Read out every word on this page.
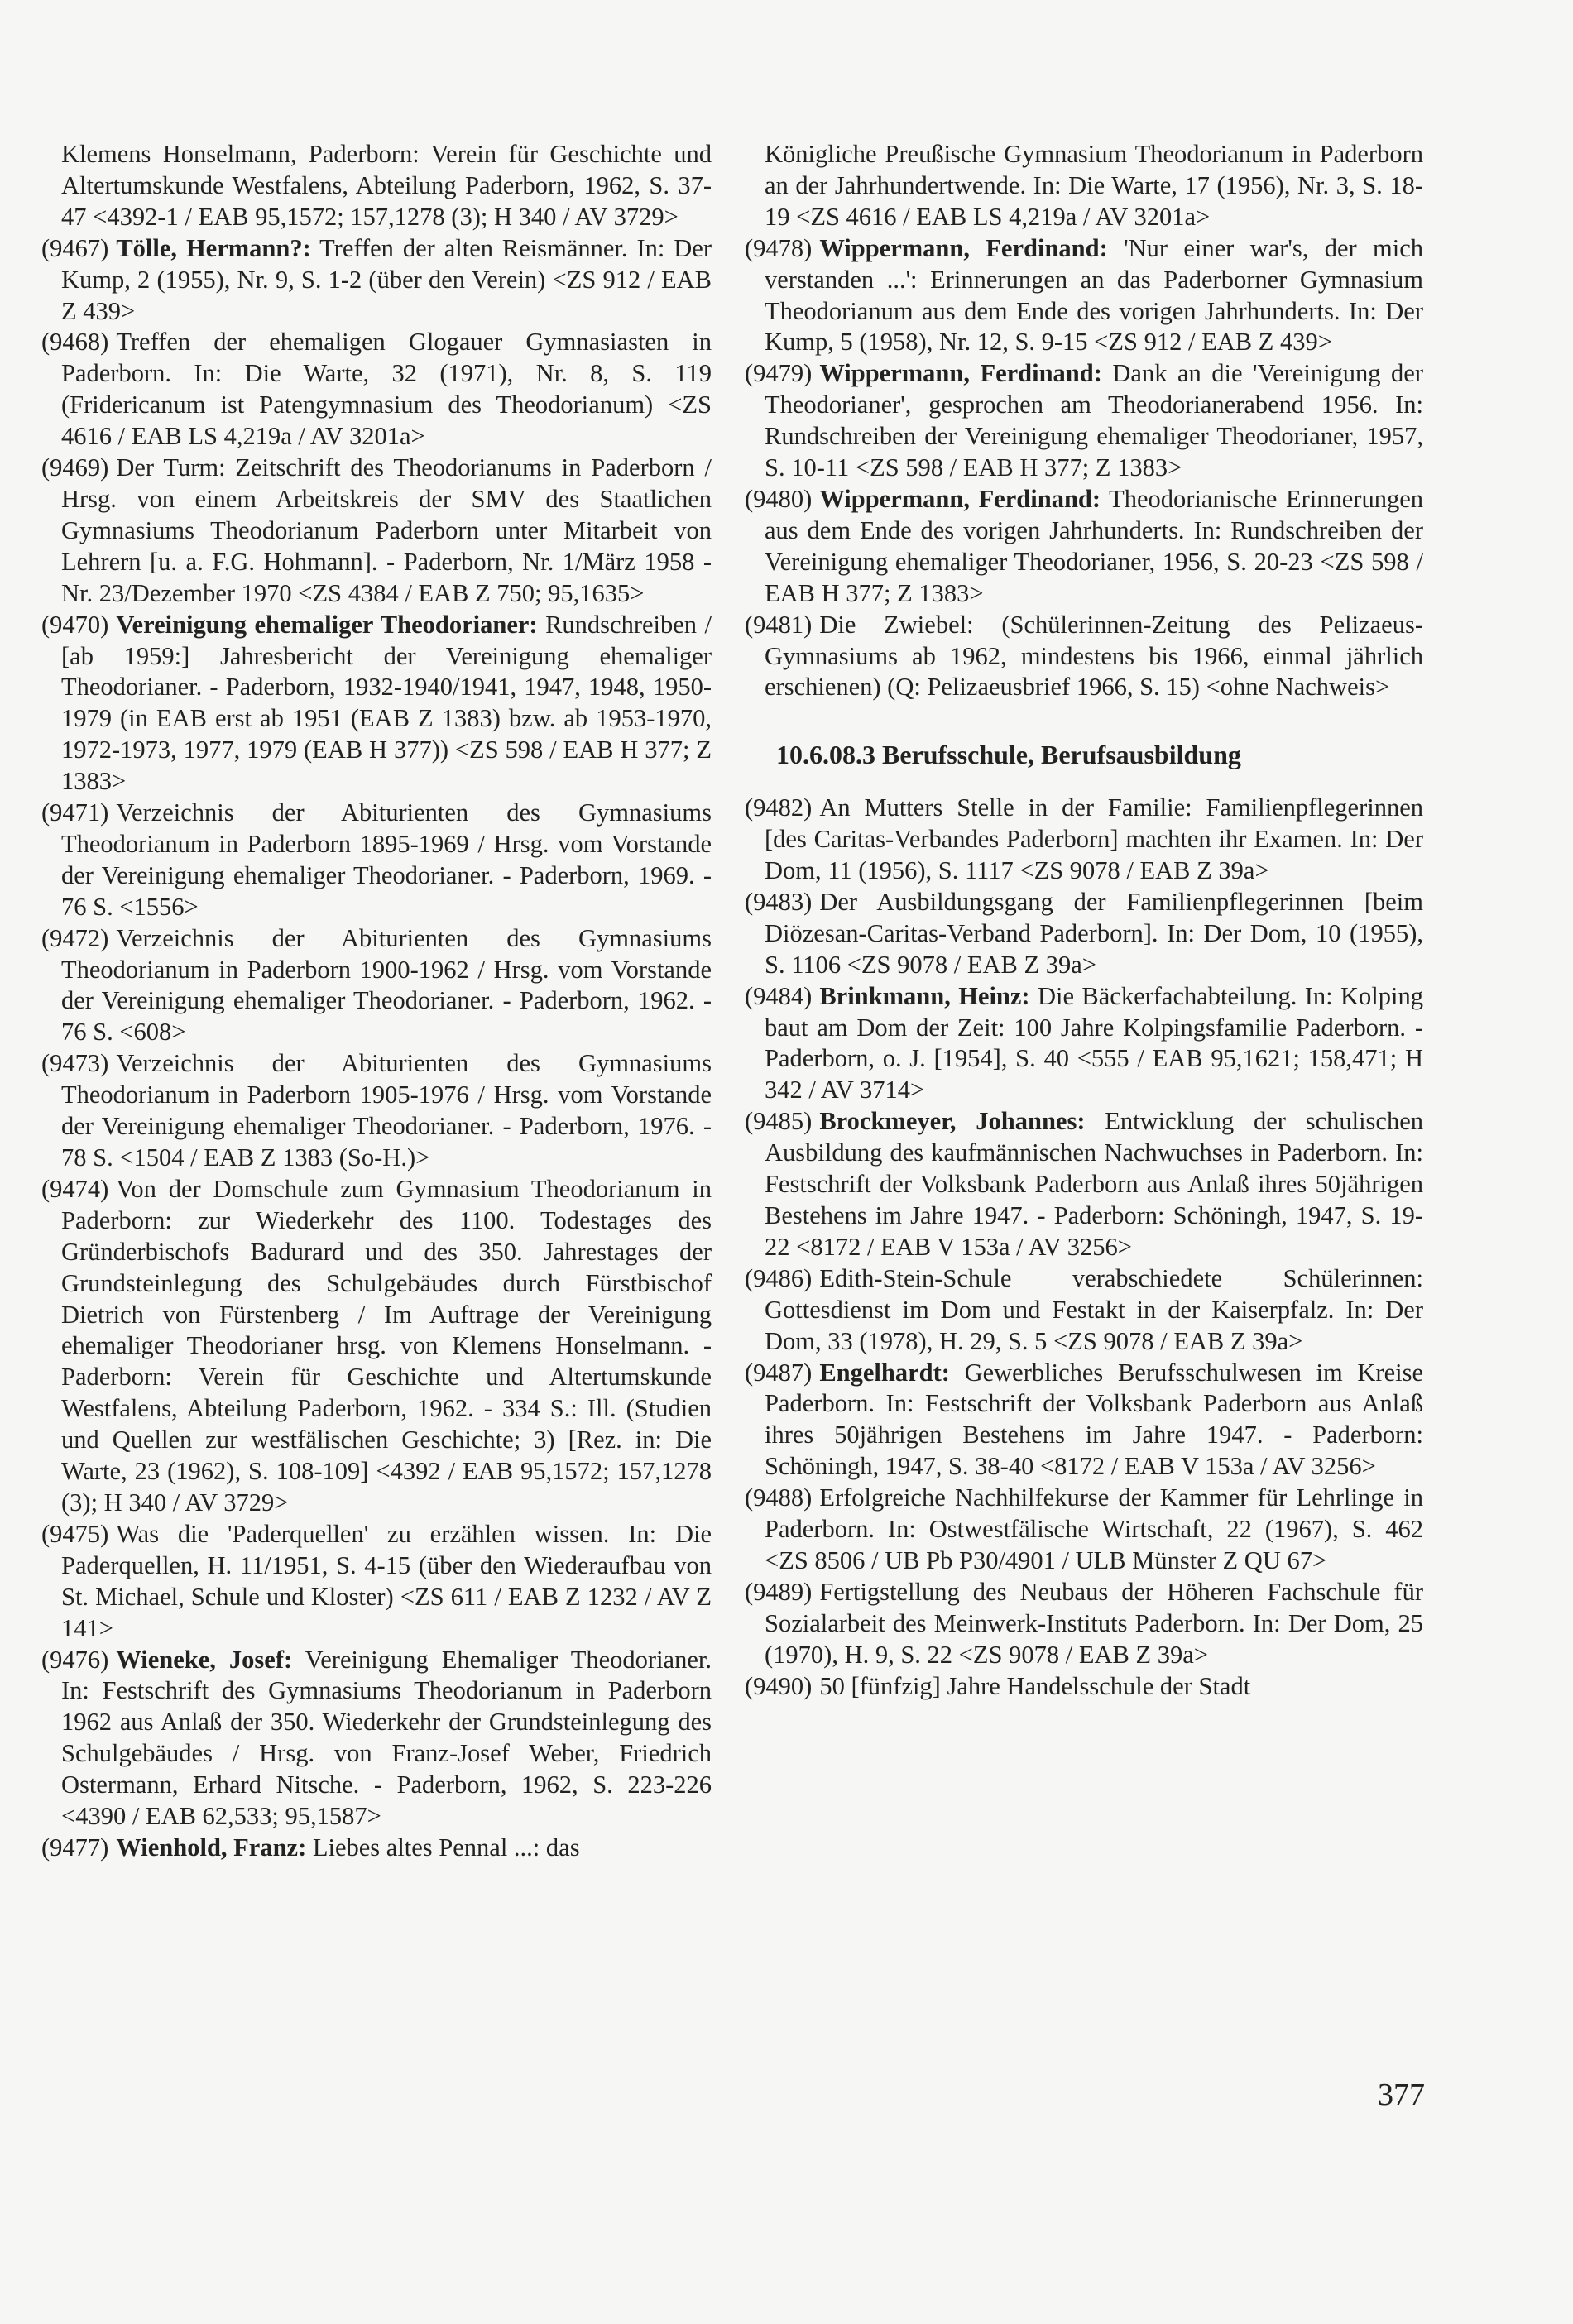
Klemens Honselmann, Paderborn: Verein für Geschichte und Altertumskunde Westfalens, Abteilung Paderborn, 1962, S. 37-47 <4392-1 / EAB 95,1572; 157,1278 (3); H 340 / AV 3729>

(9467) Tölle, Hermann?: Treffen der alten Reismänner. In: Der Kump, 2 (1955), Nr. 9, S. 1-2 (über den Verein) <ZS 912 / EAB Z 439>

(9468) Treffen der ehemaligen Glogauer Gymnasiasten in Paderborn. In: Die Warte, 32 (1971), Nr. 8, S. 119 (Fridericanum ist Patengymnasium des Theodorianum) <ZS 4616 / EAB LS 4,219a / AV 3201a>

(9469) Der Turm: Zeitschrift des Theodorianums in Paderborn / Hrsg. von einem Arbeitskreis der SMV des Staatlichen Gymnasiums Theodorianum Paderborn unter Mitarbeit von Lehrern [u. a. F.G. Hohmann]. - Paderborn, Nr. 1/März 1958 - Nr. 23/Dezember 1970 <ZS 4384 / EAB Z 750; 95,1635>

(9470) Vereinigung ehemaliger Theodorianer: Rundschreiben / [ab 1959:] Jahresbericht der Vereinigung ehemaliger Theodorianer. - Paderborn, 1932-1940/1941, 1947, 1948, 1950-1979 (in EAB erst ab 1951 (EAB Z 1383) bzw. ab 1953-1970, 1972-1973, 1977, 1979 (EAB H 377)) <ZS 598 / EAB H 377; Z 1383>

(9471) Verzeichnis der Abiturienten des Gymnasiums Theodorianum in Paderborn 1895-1969 / Hrsg. vom Vorstande der Vereinigung ehemaliger Theodorianer. - Paderborn, 1969. - 76 S. <1556>

(9472) Verzeichnis der Abiturienten des Gymnasiums Theodorianum in Paderborn 1900-1962 / Hrsg. vom Vorstande der Vereinigung ehemaliger Theodorianer. - Paderborn, 1962. - 76 S. <608>

(9473) Verzeichnis der Abiturienten des Gymnasiums Theodorianum in Paderborn 1905-1976 / Hrsg. vom Vorstande der Vereinigung ehemaliger Theodorianer. - Paderborn, 1976. - 78 S. <1504 / EAB Z 1383 (So-H.)>

(9474) Von der Domschule zum Gymnasium Theodorianum in Paderborn: zur Wiederkehr des 1100. Todestages des Gründerbischofs Badurard und des 350. Jahrestages der Grundsteinlegung des Schulgebäudes durch Fürstbischof Dietrich von Fürstenberg / Im Auftrage der Vereinigung ehemaliger Theodorianer hrsg. von Klemens Honselmann. - Paderborn: Verein für Geschichte und Altertumskunde Westfalens, Abteilung Paderborn, 1962. - 334 S.: Ill. (Studien und Quellen zur westfälischen Geschichte; 3) [Rez. in: Die Warte, 23 (1962), S. 108-109] <4392 / EAB 95,1572; 157,1278 (3); H 340 / AV 3729>

(9475) Was die 'Paderquellen' zu erzählen wissen. In: Die Paderquellen, H. 11/1951, S. 4-15 (über den Wiederaufbau von St. Michael, Schule und Kloster) <ZS 611 / EAB Z 1232 / AV Z 141>

(9476) Wieneke, Josef: Vereinigung Ehemaliger Theodorianer. In: Festschrift des Gymnasiums Theodorianum in Paderborn 1962 aus Anlaß der 350. Wiederkehr der Grundsteinlegung des Schulgebäudes / Hrsg. von Franz-Josef Weber, Friedrich Ostermann, Erhard Nitsche. - Paderborn, 1962, S. 223-226 <4390 / EAB 62,533; 95,1587>

(9477) Wienhold, Franz: Liebes altes Pennal ...: das

Königliche Preußische Gymnasium Theodorianum in Paderborn an der Jahrhundertwende. In: Die Warte, 17 (1956), Nr. 3, S. 18-19 <ZS 4616 / EAB LS 4,219a / AV 3201a>

(9478) Wippermann, Ferdinand: 'Nur einer war's, der mich verstanden ...': Erinnerungen an das Paderborner Gymnasium Theodorianum aus dem Ende des vorigen Jahrhunderts. In: Der Kump, 5 (1958), Nr. 12, S. 9-15 <ZS 912 / EAB Z 439>

(9479) Wippermann, Ferdinand: Dank an die 'Vereinigung der Theodorianer', gesprochen am Theodorianerabend 1956. In: Rundschreiben der Vereinigung ehemaliger Theodorianer, 1957, S. 10-11 <ZS 598 / EAB H 377; Z 1383>

(9480) Wippermann, Ferdinand: Theodorianische Erinnerungen aus dem Ende des vorigen Jahrhunderts. In: Rundschreiben der Vereinigung ehemaliger Theodorianer, 1956, S. 20-23 <ZS 598 / EAB H 377; Z 1383>

(9481) Die Zwiebel: (Schülerinnen-Zeitung des Pelizaeus-Gymnasiums ab 1962, mindestens bis 1966, einmal jährlich erschienen) (Q: Pelizaeusbrief 1966, S. 15) <ohne Nachweis>

10.6.08.3 Berufsschule, Berufsausbildung

(9482) An Mutters Stelle in der Familie: Familienpflegerinnen [des Caritas-Verbandes Paderborn] machten ihr Examen. In: Der Dom, 11 (1956), S. 1117 <ZS 9078 / EAB Z 39a>

(9483) Der Ausbildungsgang der Familienpflegerinnen [beim Diözesan-Caritas-Verband Paderborn]. In: Der Dom, 10 (1955), S. 1106 <ZS 9078 / EAB Z 39a>

(9484) Brinkmann, Heinz: Die Bäckerfachabteilung. In: Kolping baut am Dom der Zeit: 100 Jahre Kolpingsfamilie Paderborn. - Paderborn, o. J. [1954], S. 40 <555 / EAB 95,1621; 158,471; H 342 / AV 3714>

(9485) Brockmeyer, Johannes: Entwicklung der schulischen Ausbildung des kaufmännischen Nachwuchses in Paderborn. In: Festschrift der Volksbank Paderborn aus Anlaß ihres 50jährigen Bestehens im Jahre 1947. - Paderborn: Schöningh, 1947, S. 19-22 <8172 / EAB V 153a / AV 3256>

(9486) Edith-Stein-Schule verabschiedete Schülerinnen: Gottesdienst im Dom und Festakt in der Kaiserpfalz. In: Der Dom, 33 (1978), H. 29, S. 5 <ZS 9078 / EAB Z 39a>

(9487) Engelhardt: Gewerbliches Berufsschulwesen im Kreise Paderborn. In: Festschrift der Volksbank Paderborn aus Anlaß ihres 50jährigen Bestehens im Jahre 1947. - Paderborn: Schöningh, 1947, S. 38-40 <8172 / EAB V 153a / AV 3256>

(9488) Erfolgreiche Nachhilfekurse der Kammer für Lehrlinge in Paderborn. In: Ostwestfälische Wirtschaft, 22 (1967), S. 462 <ZS 8506 / UB Pb P30/4901 / ULB Münster Z QU 67>

(9489) Fertigstellung des Neubaus der Höheren Fachschule für Sozialarbeit des Meinwerk-Instituts Paderborn. In: Der Dom, 25 (1970), H. 9, S. 22 <ZS 9078 / EAB Z 39a>

(9490) 50 [fünfzig] Jahre Handelsschule der Stadt

377
